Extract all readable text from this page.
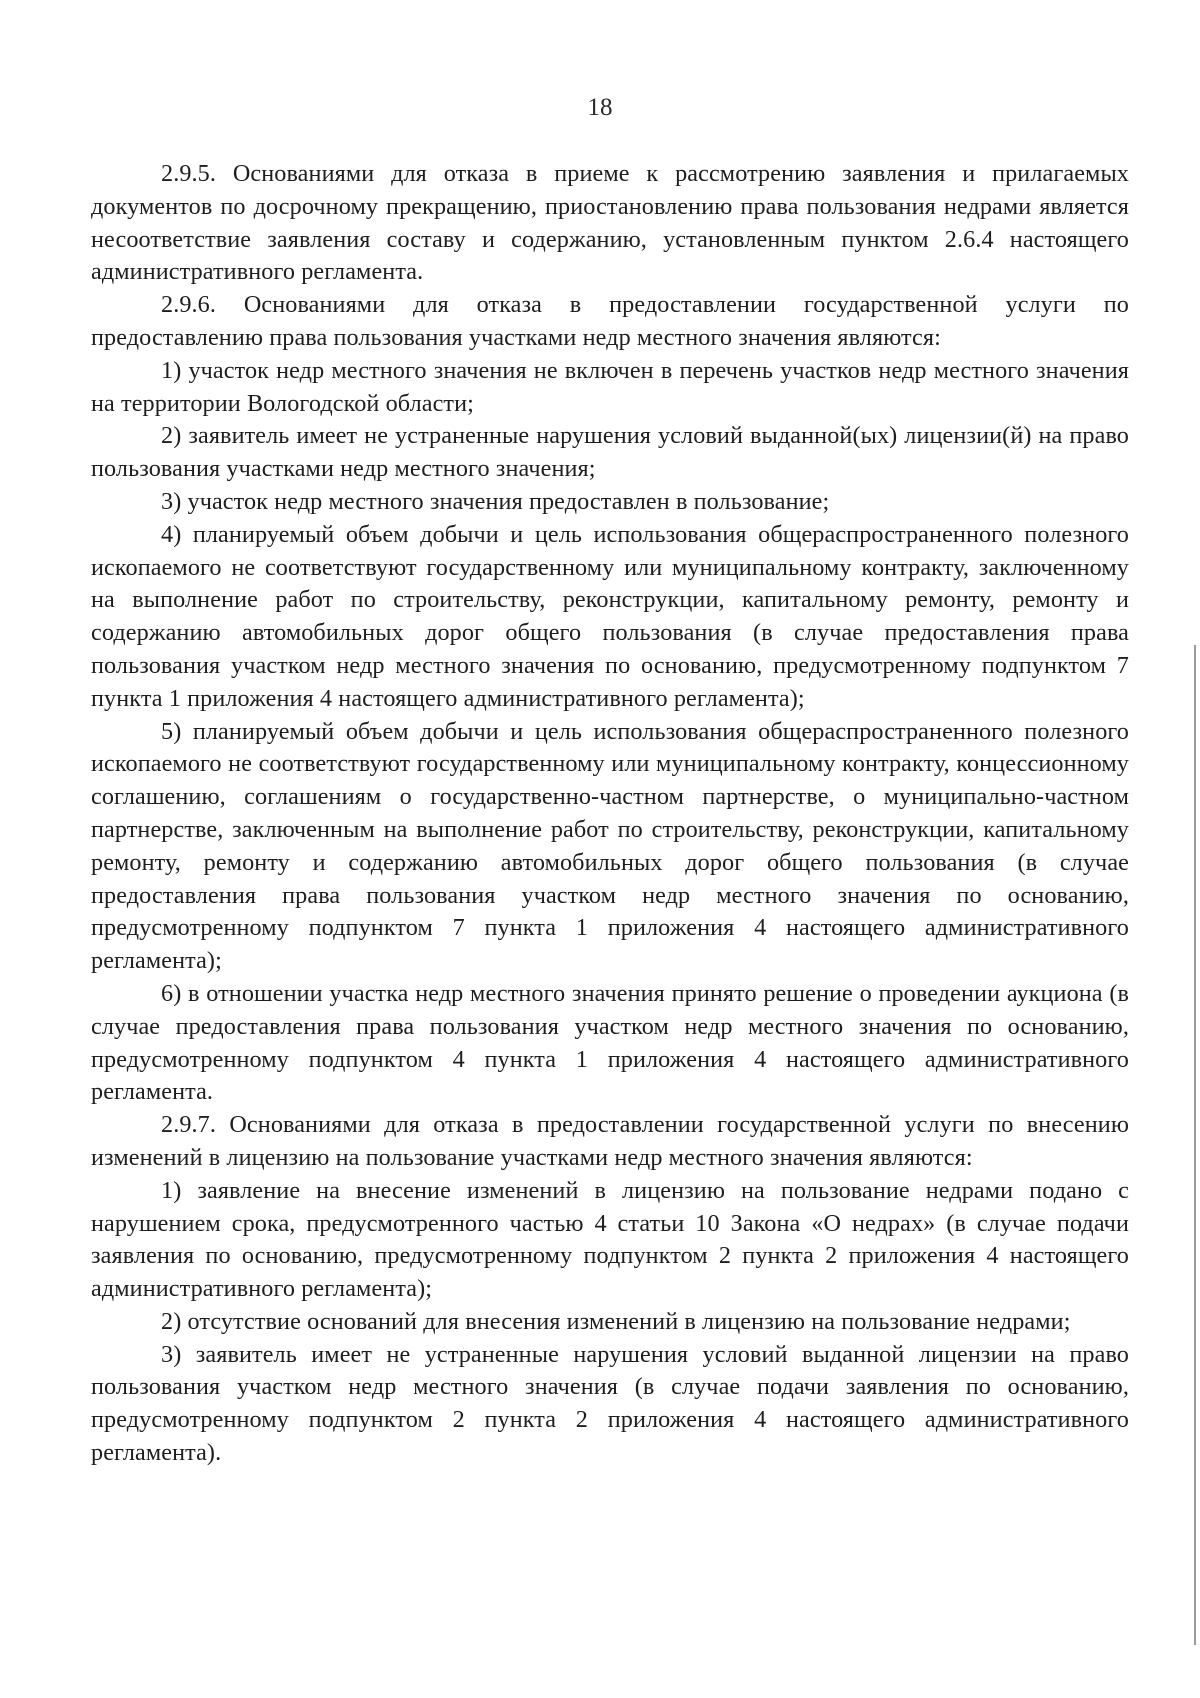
18

2.9.5. Основаниями для отказа в приеме к рассмотрению заявления и прилагаемых документов по досрочному прекращению, приостановлению права пользования недрами является несоответствие заявления составу и содержанию, установленным пунктом 2.6.4 настоящего административного регламента.

2.9.6. Основаниями для отказа в предоставлении государственной услуги по предоставлению права пользования участками недр местного значения являются:

1) участок недр местного значения не включен в перечень участков недр местного значения на территории Вологодской области;

2) заявитель имеет не устраненные нарушения условий выданной(ых) лицензии(й) на право пользования участками недр местного значения;

3) участок недр местного значения предоставлен в пользование;

4) планируемый объем добычи и цель использования общераспространенного полезного ископаемого не соответствуют государственному или муниципальному контракту, заключенному на выполнение работ по строительству, реконструкции, капитальному ремонту, ремонту и содержанию автомобильных дорог общего пользования (в случае предоставления права пользования участком недр местного значения по основанию, предусмотренному подпунктом 7 пункта 1 приложения 4 настоящего административного регламента);

5) планируемый объем добычи и цель использования общераспространенного полезного ископаемого не соответствуют государственному или муниципальному контракту, концессионному соглашению, соглашениям о государственно-частном партнерстве, о муниципально-частном партнерстве, заключенным на выполнение работ по строительству, реконструкции, капитальному ремонту, ремонту и содержанию автомобильных дорог общего пользования (в случае предоставления права пользования участком недр местного значения по основанию, предусмотренному подпунктом 7 пункта 1 приложения 4 настоящего административного регламента);

6) в отношении участка недр местного значения принято решение о проведении аукциона (в случае предоставления права пользования участком недр местного значения по основанию, предусмотренному подпунктом 4 пункта 1 приложения 4 настоящего административного регламента.

2.9.7. Основаниями для отказа в предоставлении государственной услуги по внесению изменений в лицензию на пользование участками недр местного значения являются:

1) заявление на внесение изменений в лицензию на пользование недрами подано с нарушением срока, предусмотренного частью 4 статьи 10 Закона «О недрах» (в случае подачи заявления по основанию, предусмотренному подпунктом 2 пункта 2 приложения 4 настоящего административного регламента);

2) отсутствие оснований для внесения изменений в лицензию на пользование недрами;

3) заявитель имеет не устраненные нарушения условий выданной лицензии на право пользования участком недр местного значения (в случае подачи заявления по основанию, предусмотренному подпунктом 2 пункта 2 приложения 4 настоящего административного регламента).
